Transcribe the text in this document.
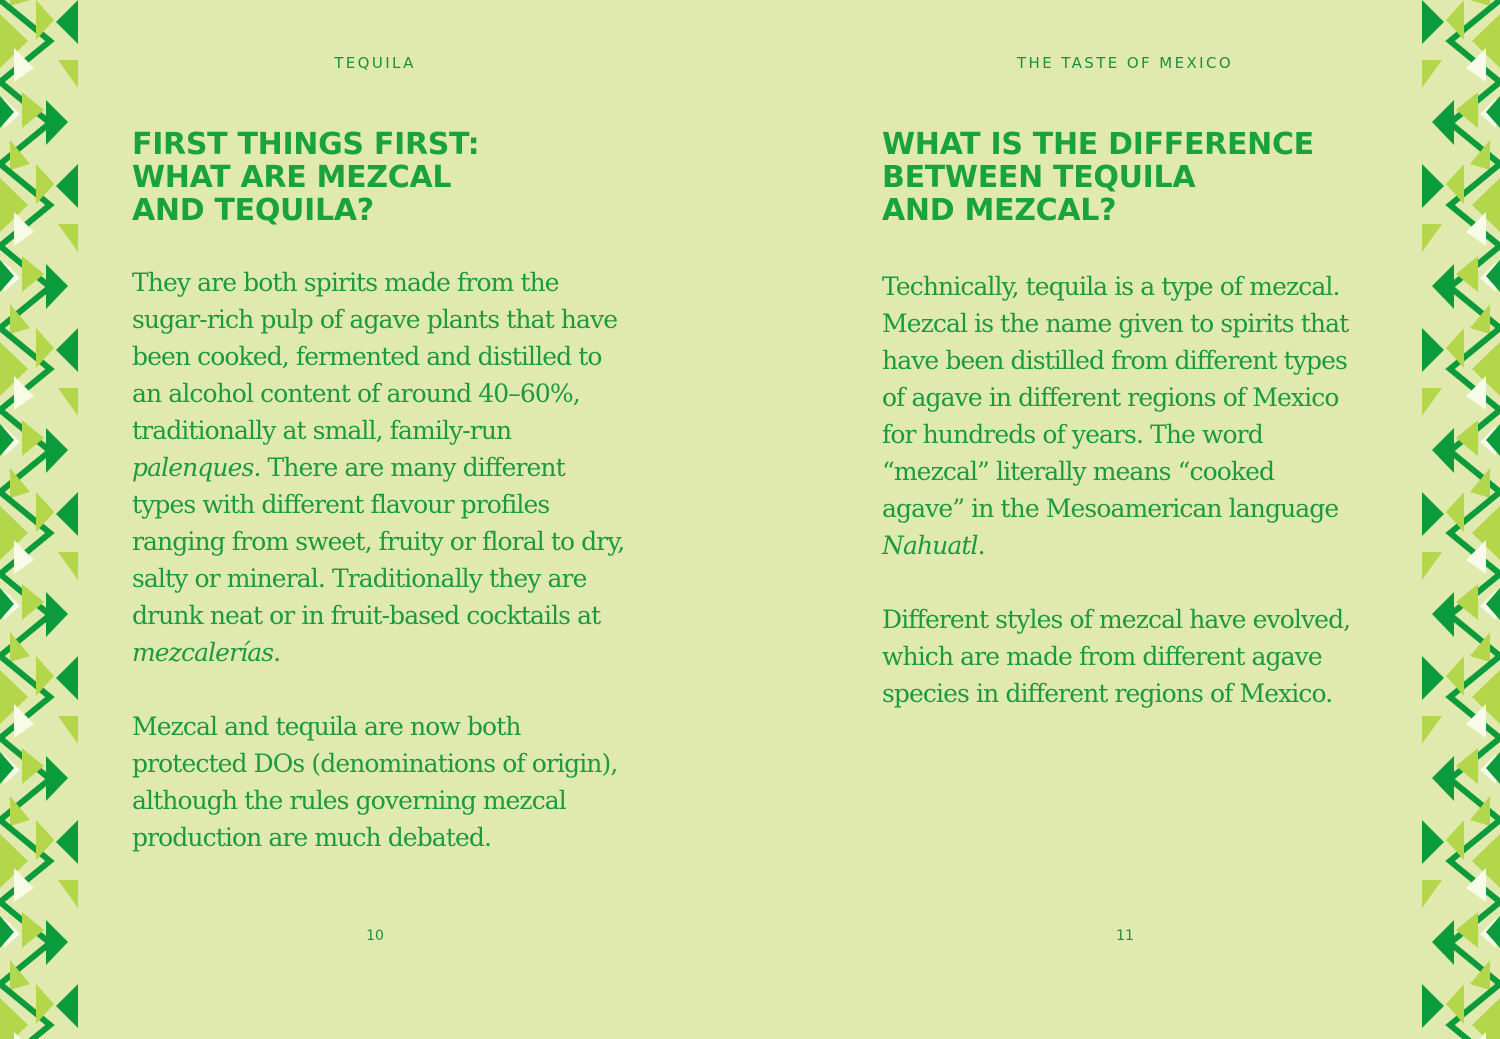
TEQUILA
FIRST THINGS FIRST:
WHAT ARE MEZCAL
AND TEQUILA?

They are both spirits made from the sugar-rich pulp of agave plants that have been cooked, fermented and distilled to an alcohol content of around 40–60%, traditionally at small, family-run palenques. There are many different types with different flavour profiles ranging from sweet, fruity or floral to dry, salty or mineral. Traditionally they are drunk neat or in fruit-based cocktails at mezcalerías.

Mezcal and tequila are now both protected DOs (denominations of origin), although the rules governing mezcal production are much debated.

10
THE TASTE OF MEXICO
WHAT IS THE DIFFERENCE
BETWEEN TEQUILA
AND MEZCAL?

Technically, tequila is a type of mezcal. Mezcal is the name given to spirits that have been distilled from different types of agave in different regions of Mexico for hundreds of years. The word “mezcal” literally means “cooked agave” in the Mesoamerican language Nahuatl.

Different styles of mezcal have evolved, which are made from different agave species in different regions of Mexico.

11
